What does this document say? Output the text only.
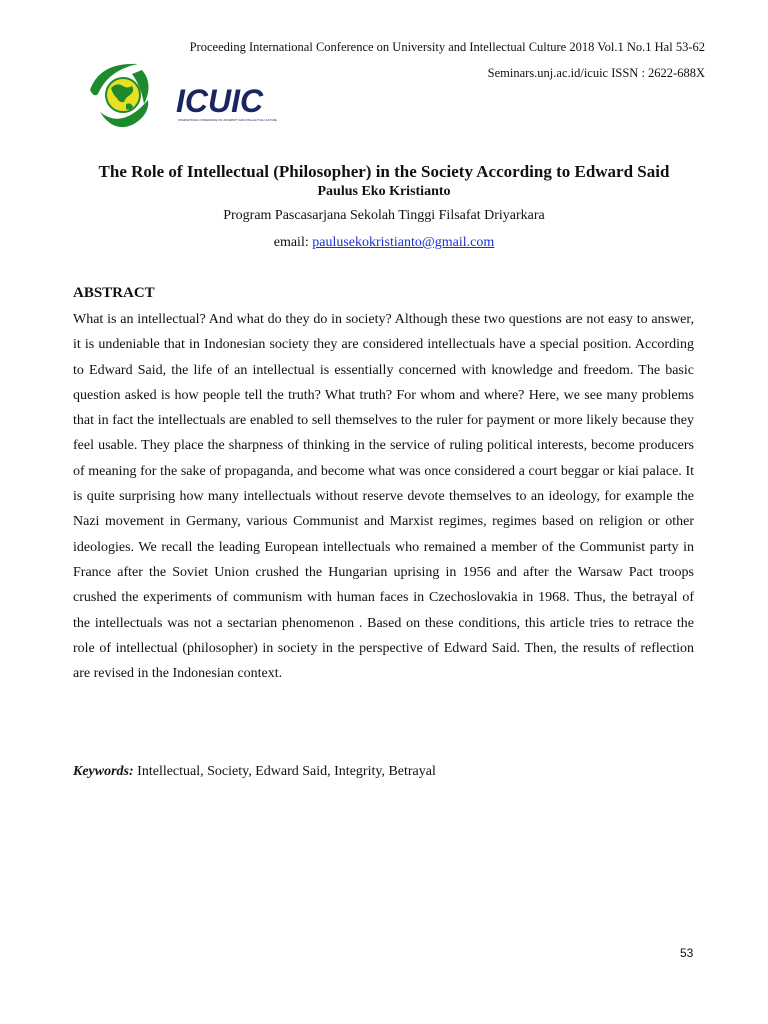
Proceeding International Conference on University and Intellectual Culture 2018 Vol.1 No.1 Hal 53-62
Seminars.unj.ac.id/icuic ISSN : 2622-688X
ICUIC
INTERNATIONAL CONFERENCE ON UNIVERSITY AND INTELLECTUAL CULTURE
The Role of Intellectual (Philosopher) in the Society According to Edward Said
Paulus Eko Kristianto
Program Pascasarjana Sekolah Tinggi Filsafat Driyarkara
email: paulusekokristianto@gmail.com
ABSTRACT
What is an intellectual? And what do they do in society? Although these two questions are not easy to answer, it is undeniable that in Indonesian society they are considered intellectuals have a special position. According to Edward Said, the life of an intellectual is essentially concerned with knowledge and freedom. The basic question asked is how people tell the truth? What truth? For whom and where? Here, we see many problems that in fact the intellectuals are enabled to sell themselves to the ruler for payment or more likely because they feel usable. They place the sharpness of thinking in the service of ruling political interests, become producers of meaning for the sake of propaganda, and become what was once considered a court beggar or kiai palace. It is quite surprising how many intellectuals without reserve devote themselves to an ideology, for example the Nazi movement in Germany, various Communist and Marxist regimes, regimes based on religion or other ideologies. We recall the leading European intellectuals who remained a member of the Communist party in France after the Soviet Union crushed the Hungarian uprising in 1956 and after the Warsaw Pact troops crushed the experiments of communism with human faces in Czechoslovakia in 1968. Thus, the betrayal of the intellectuals was not a sectarian phenomenon . Based on these conditions, this article tries to retrace the role of intellectual (philosopher) in society in the perspective of Edward Said. Then, the results of reflection are revised in the Indonesian context.
Keywords: Intellectual, Society, Edward Said, Integrity, Betrayal
53
